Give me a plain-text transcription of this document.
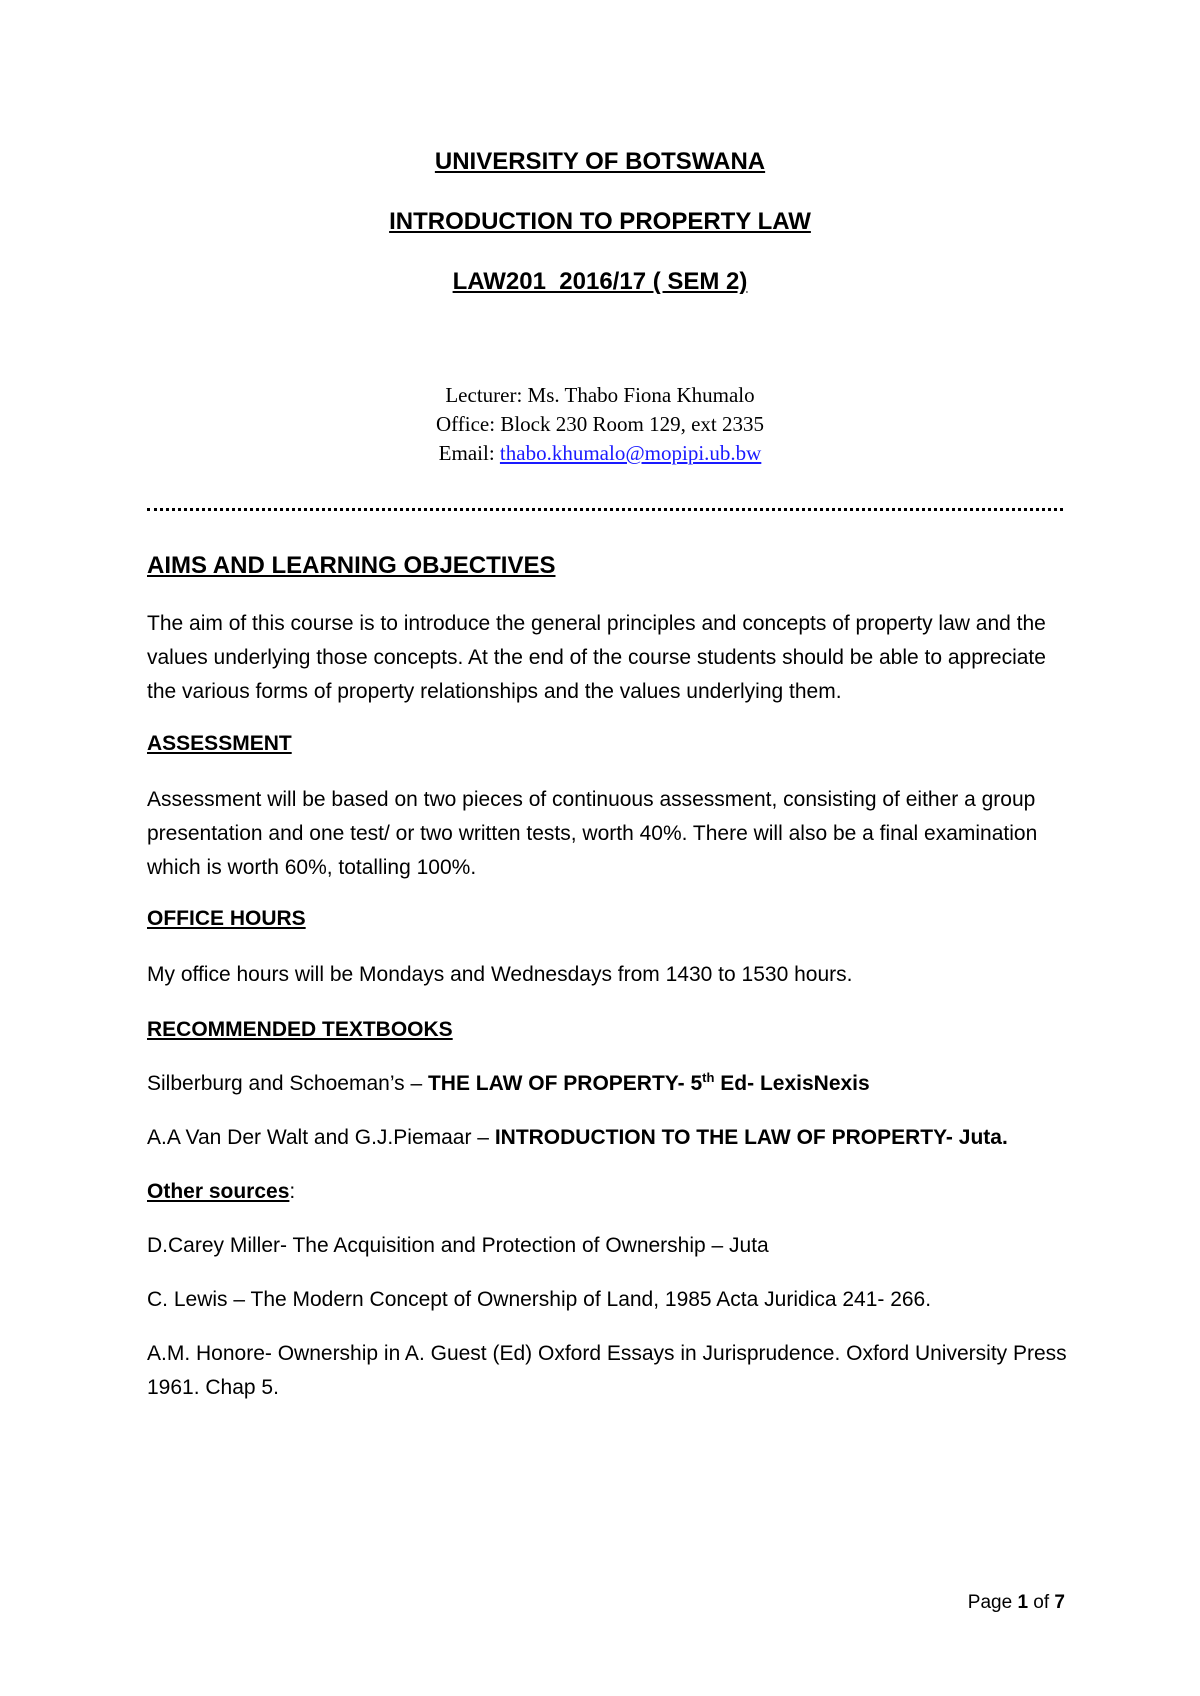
UNIVERSITY OF BOTSWANA
INTRODUCTION TO PROPERTY LAW
LAW201  2016/17 ( SEM 2)
Lecturer: Ms. Thabo Fiona Khumalo
Office: Block 230 Room 129, ext 2335
Email: thabo.khumalo@mopipi.ub.bw
AIMS AND LEARNING OBJECTIVES
The aim of this course is to introduce the general principles and concepts of property law and the values underlying those concepts. At the end of the course students should be able to appreciate the various forms of property relationships and the values underlying them.
ASSESSMENT
Assessment will be based on two pieces of continuous assessment, consisting of either a group presentation and one test/ or two written tests, worth 40%. There will also be a final examination which is worth 60%, totalling 100%.
OFFICE HOURS
My office hours will be Mondays and Wednesdays from 1430 to 1530 hours.
RECOMMENDED TEXTBOOKS
Silberburg and Schoeman’s – THE LAW OF PROPERTY- 5th Ed- LexisNexis
A.A Van Der Walt and G.J.Piemaar – INTRODUCTION TO THE LAW OF PROPERTY- Juta.
Other sources:
D.Carey Miller- The Acquisition and Protection of Ownership – Juta
C. Lewis – The Modern Concept of Ownership of Land, 1985 Acta Juridica 241- 266.
A.M. Honore- Ownership in A. Guest (Ed) Oxford Essays in Jurisprudence. Oxford University Press 1961. Chap 5.
Page 1 of 7
